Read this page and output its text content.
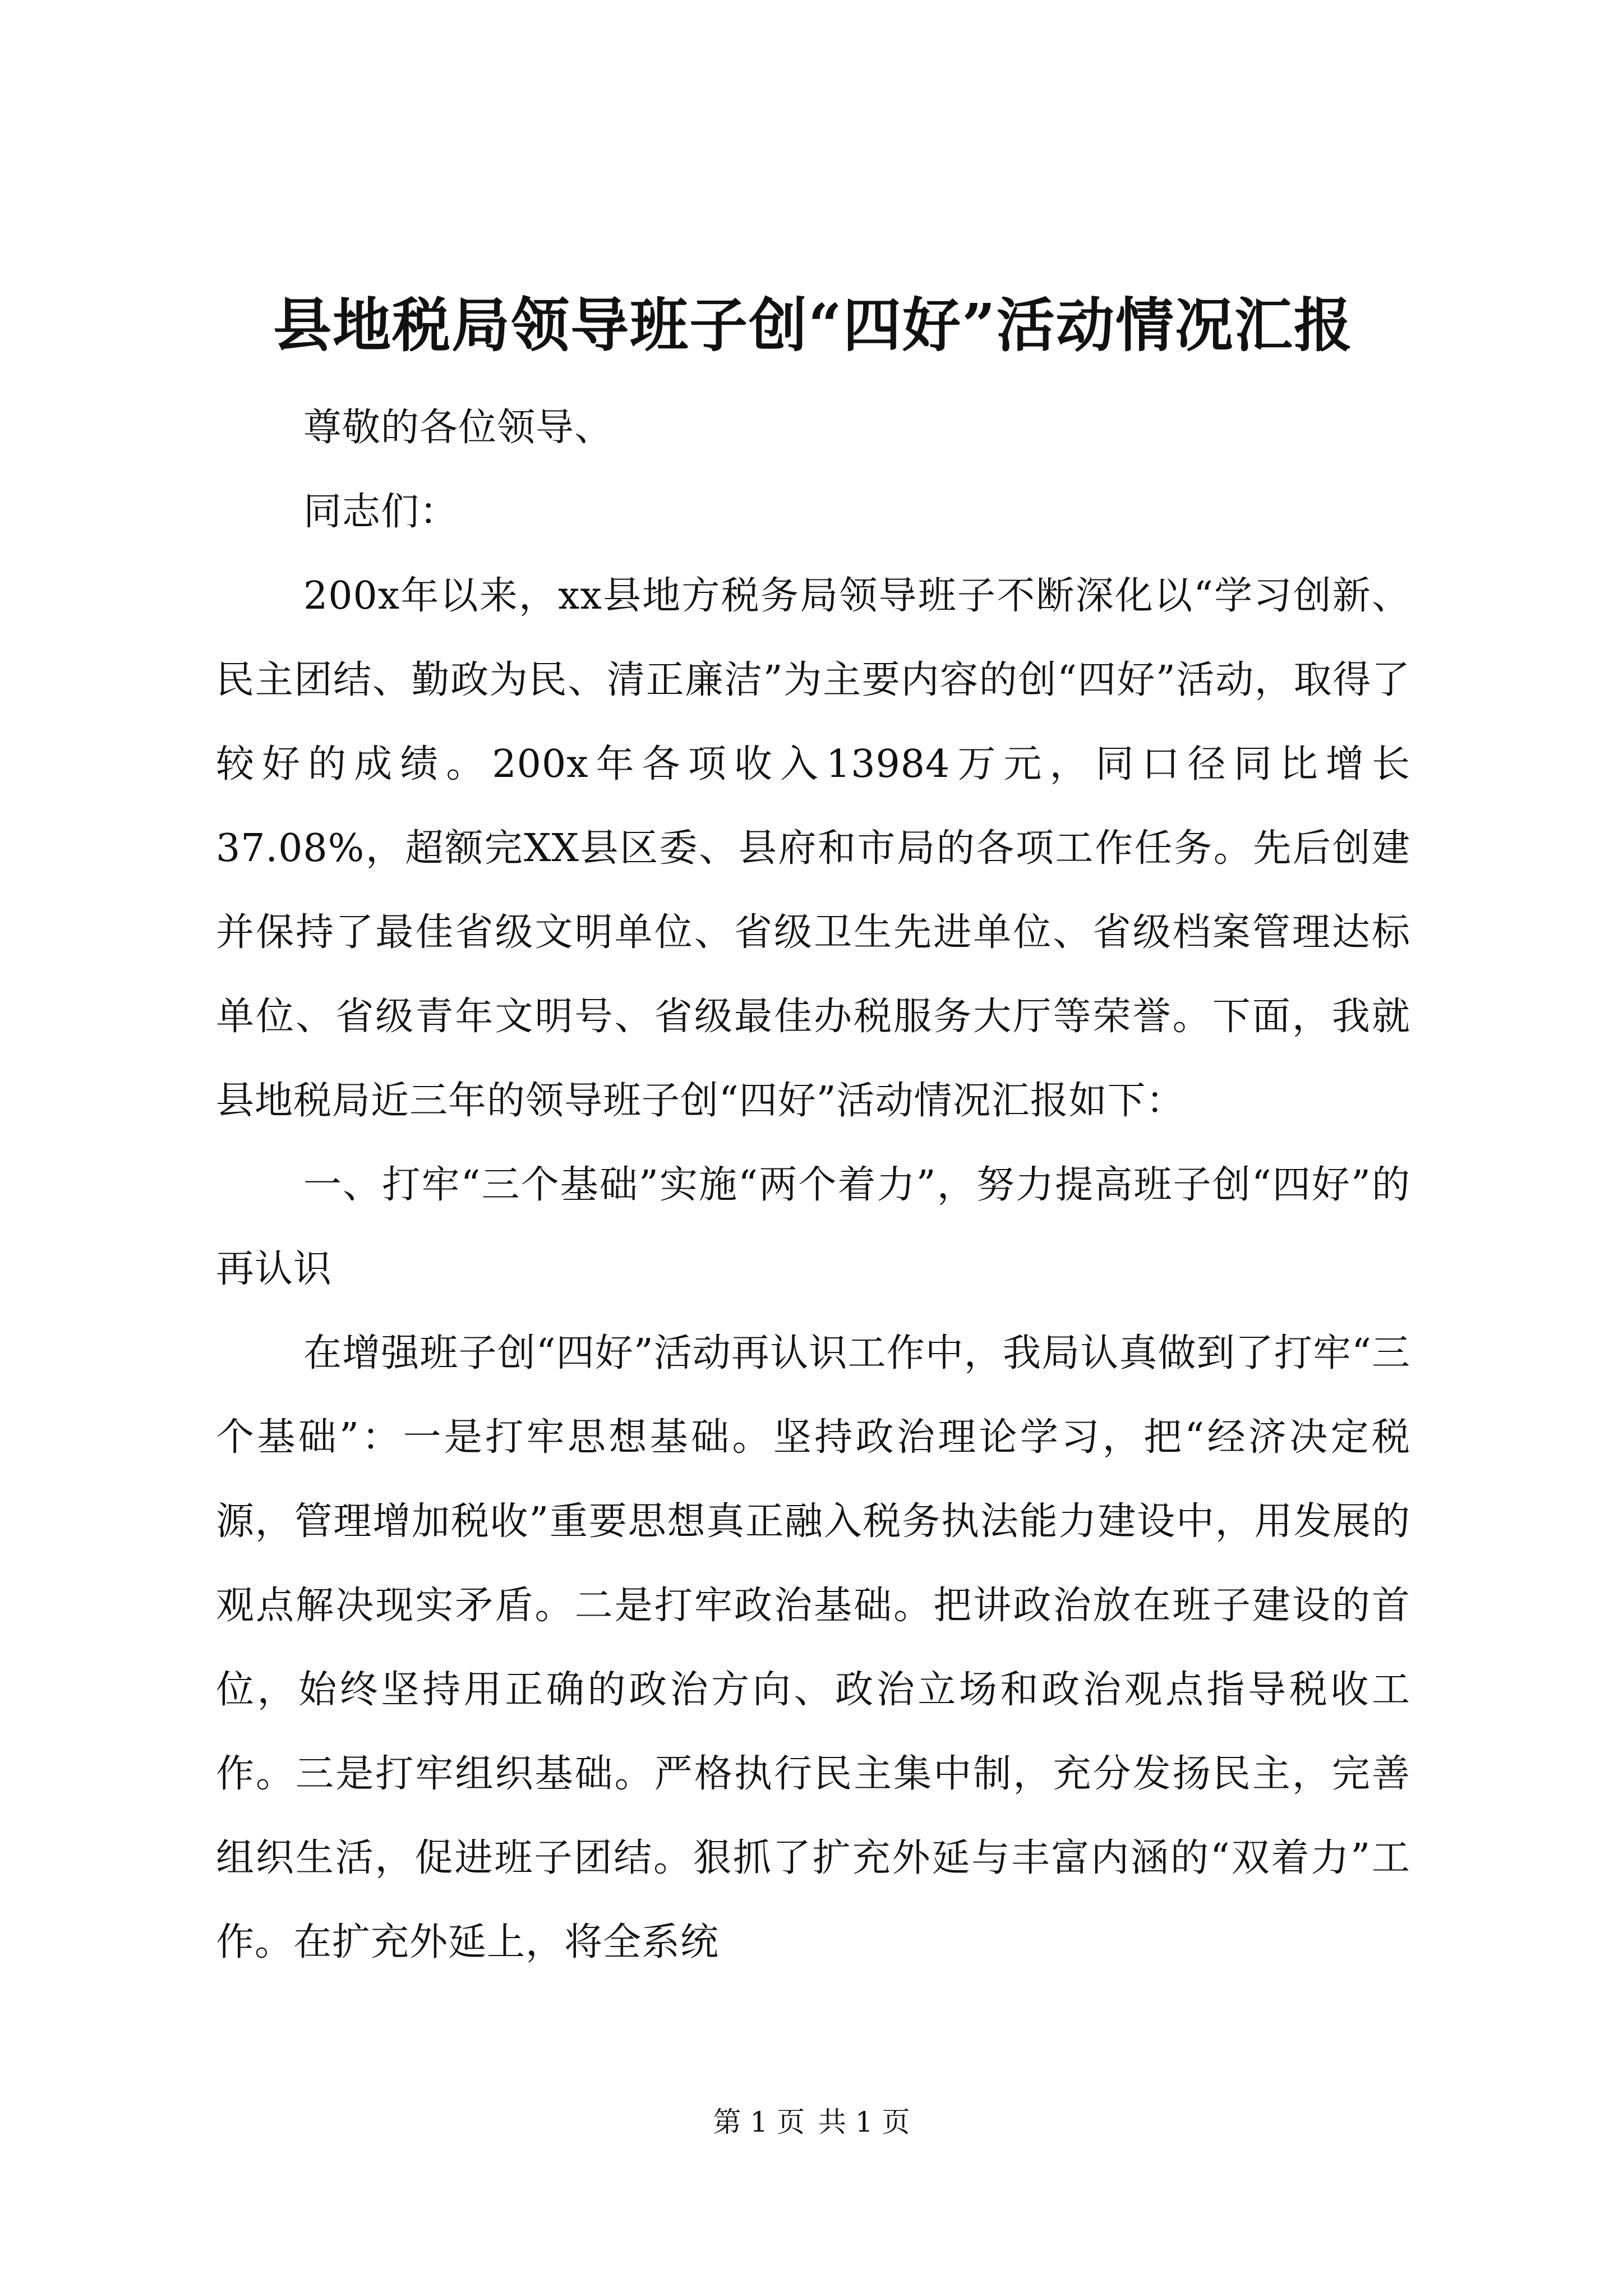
县地税局领导班子创“四好”活动情况汇报

尊敬的各位领导、

同志们：

200x年以来，xx县地方税务局领导班子不断深化以“学习创新、民主团结、勤政为民、清正廉洁”为主要内容的创“四好”活动，取得了较好的成绩。200x年各项收入13984万元，同口径同比增长37.08%，超额完XX县区委、县府和市局的各项工作任务。先后创建并保持了最佳省级文明单位、省级卫生先进单位、省级档案管理达标单位、省级青年文明号、省级最佳办税服务大厅等荣誉。下面，我就县地税局近三年的领导班子创“四好”活动情况汇报如下：

一、打牢“三个基础”实施“两个着力”，努力提高班子创“四好”的再认识

在增强班子创“四好”活动再认识工作中，我局认真做到了打牢“三个基础”：一是打牢思想基础。坚持政治理论学习，把“经济决定税源，管理增加税收”重要思想真正融入税务执法能力建设中，用发展的观点解决现实矛盾。二是打牢政治基础。把讲政治放在班子建设的首位，始终坚持用正确的政治方向、政治立场和政治观点指导税收工作。三是打牢组织基础。严格执行民主集中制，充分发扬民主，完善组织生活，促进班子团结。狠抓了扩充外延与丰富内涵的“双着力”工作。在扩充外延上，将全系统

第 1 页 共 1 页
